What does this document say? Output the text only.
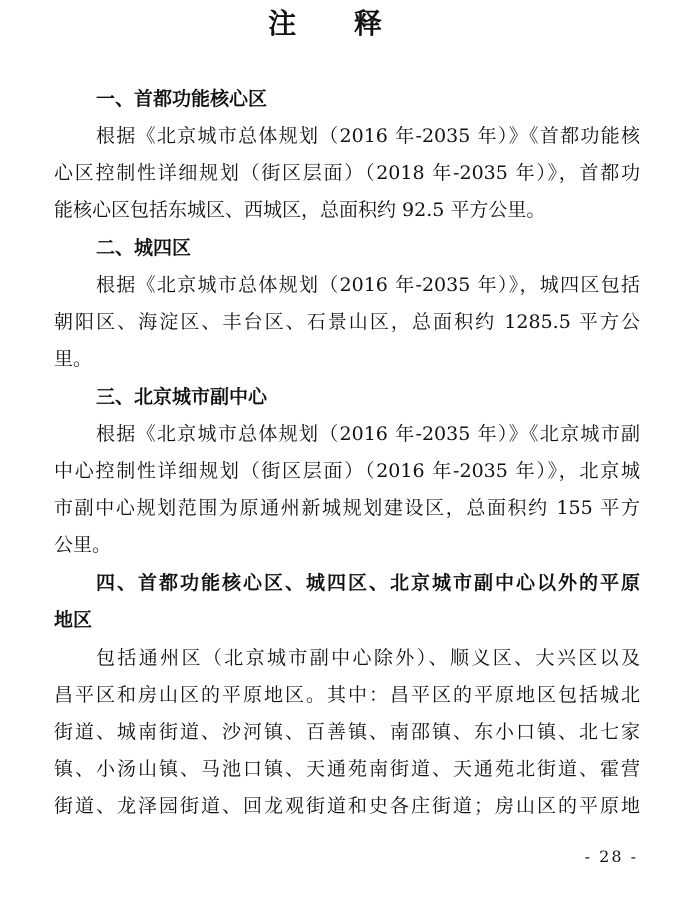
注 释
一、首都功能核心区
根据《北京城市总体规划（2016 年-2035 年）》《首都功能核
心区控制性详细规划（街区层面）（2018 年-2035 年）》，首都功
能核心区包括东城区、西城区，总面积约 92.5 平方公里。
二、城四区
根据《北京城市总体规划（2016 年-2035 年）》，城四区包括
朝阳区、海淀区、丰台区、石景山区，总面积约 1285.5 平方公
里。
三、北京城市副中心
根据《北京城市总体规划（2016 年-2035 年）》《北京城市副
中心控制性详细规划（街区层面）（2016 年-2035 年）》，北京城
市副中心规划范围为原通州新城规划建设区，总面积约 155 平方
公里。
四、首都功能核心区、城四区、北京城市副中心以外的平原
地区
包括通州区（北京城市副中心除外）、顺义区、大兴区以及
昌平区和房山区的平原地区。其中：昌平区的平原地区包括城北
街道、城南街道、沙河镇、百善镇、南邵镇、东小口镇、北七家
镇、小汤山镇、马池口镇、天通苑南街道、天通苑北街道、霍营
街道、龙泽园街道、回龙观街道和史各庄街道；房山区的平原地
- 28 -
